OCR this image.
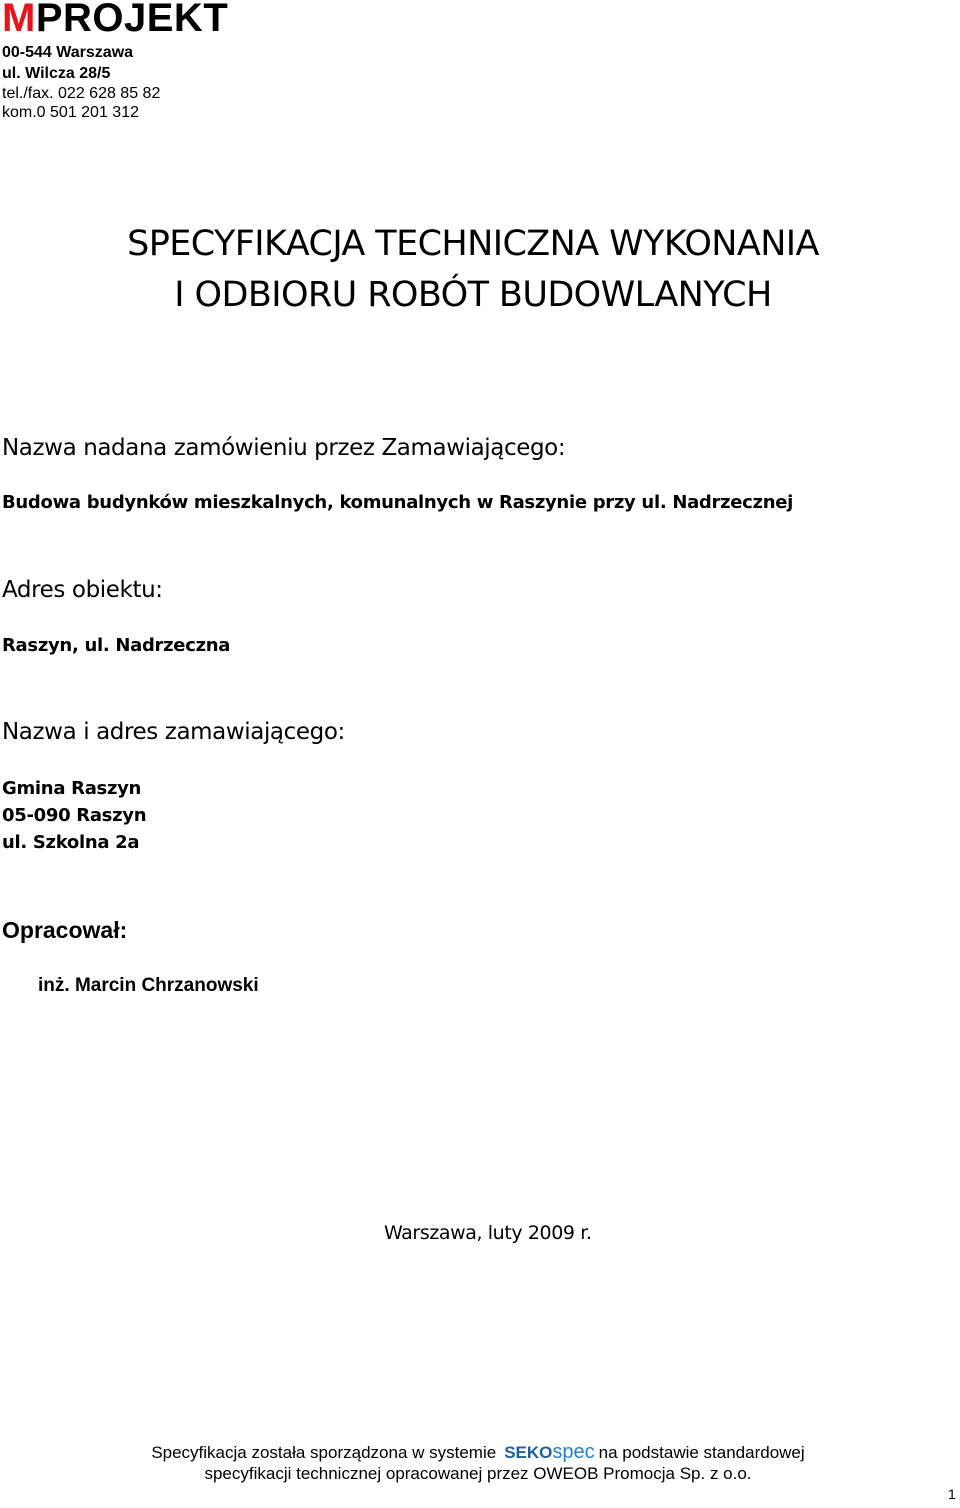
MPROJEKT
00-544 Warszawa
ul. Wilcza 28/5
tel./fax. 022 628 85 82
kom.0 501 201 312
SPECYFIKACJA TECHNICZNA WYKONANIA
I ODBIORU ROBÓT BUDOWLANYCH
Nazwa nadana zamówieniu przez Zamawiającego:
Budowa budynków mieszkalnych, komunalnych w Raszynie przy ul. Nadrzecznej
Adres obiektu:
Raszyn, ul. Nadrzeczna
Nazwa i adres zamawiającego:
Gmina Raszyn
05-090 Raszyn
ul. Szkolna 2a
Opracował:
inż. Marcin Chrzanowski
Warszawa, luty 2009 r.
Specyfikacja została sporządzona w systemie SEKOspec na podstawie standardowej
specyfikacji technicznej opracowanej przez OWEOB Promocja Sp. z o.o.
1
